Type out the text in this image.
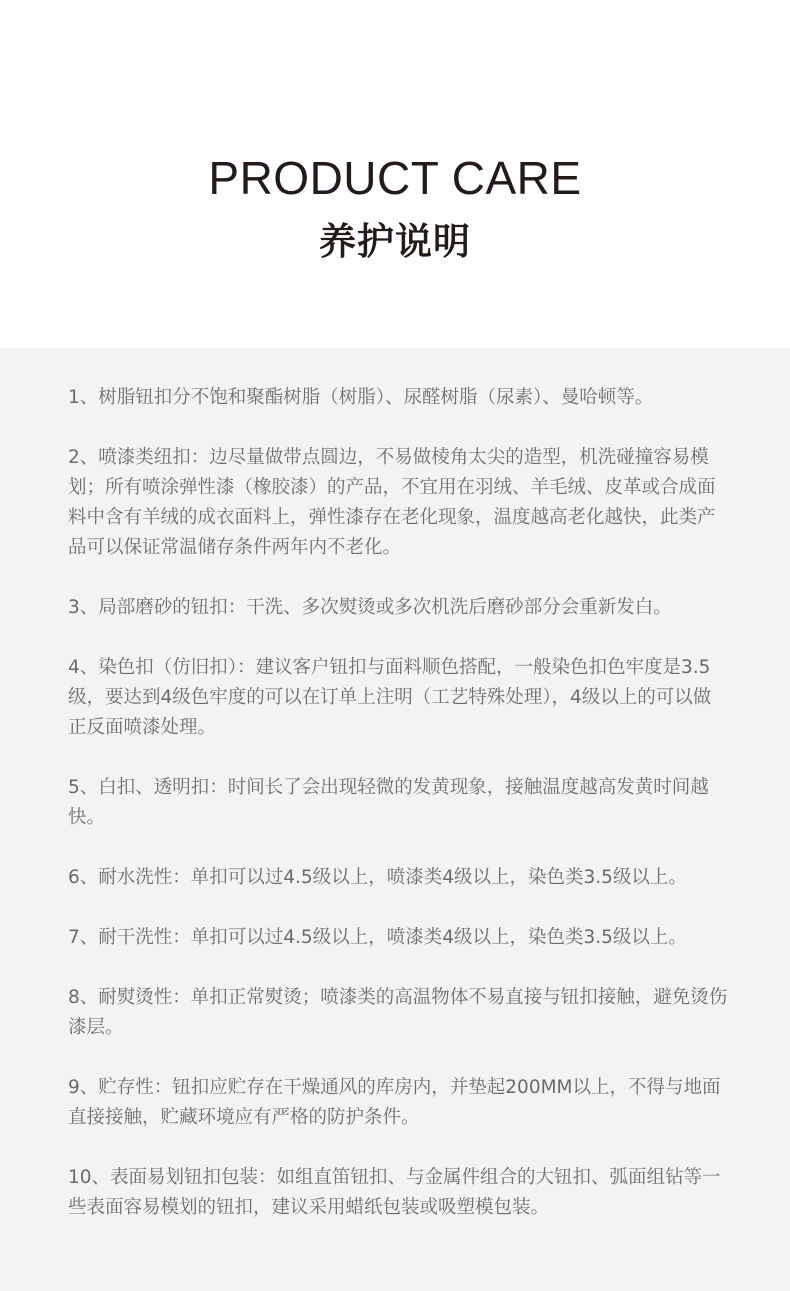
PRODUCT CARE
养护说明

1、树脂钮扣分不饱和聚酯树脂（树脂）、尿醛树脂（尿素）、曼哈顿等。

2、喷漆类纽扣：边尽量做带点圆边，不易做棱角太尖的造型，机洗碰撞容易模划；所有喷涂弹性漆（橡胶漆）的产品，不宜用在羽绒、羊毛绒、皮革或合成面料中含有羊绒的成衣面料上，弹性漆存在老化现象，温度越高老化越快，此类产品可以保证常温储存条件两年内不老化。

3、局部磨砂的钮扣：干洗、多次熨烫或多次机洗后磨砂部分会重新发白。

4、染色扣（仿旧扣）：建议客户钮扣与面料顺色搭配，一般染色扣色牢度是3.5级，要达到4级色牢度的可以在订单上注明（工艺特殊处理），4级以上的可以做正反面喷漆处理。

5、白扣、透明扣：时间长了会出现轻微的发黄现象，接触温度越高发黄时间越快。

6、耐水洗性：单扣可以过4.5级以上，喷漆类4级以上，染色类3.5级以上。

7、耐干洗性：单扣可以过4.5级以上，喷漆类4级以上，染色类3.5级以上。

8、耐熨烫性：单扣正常熨烫；喷漆类的高温物体不易直接与钮扣接触，避免烫伤漆层。

9、贮存性：钮扣应贮存在干燥通风的库房内，并垫起200MM以上，不得与地面直接接触，贮藏环境应有严格的防护条件。

10、表面易划钮扣包装：如组直笛钮扣、与金属件组合的大钮扣、弧面组钻等一些表面容易模划的钮扣，建议采用蜡纸包装或吸塑模包装。
